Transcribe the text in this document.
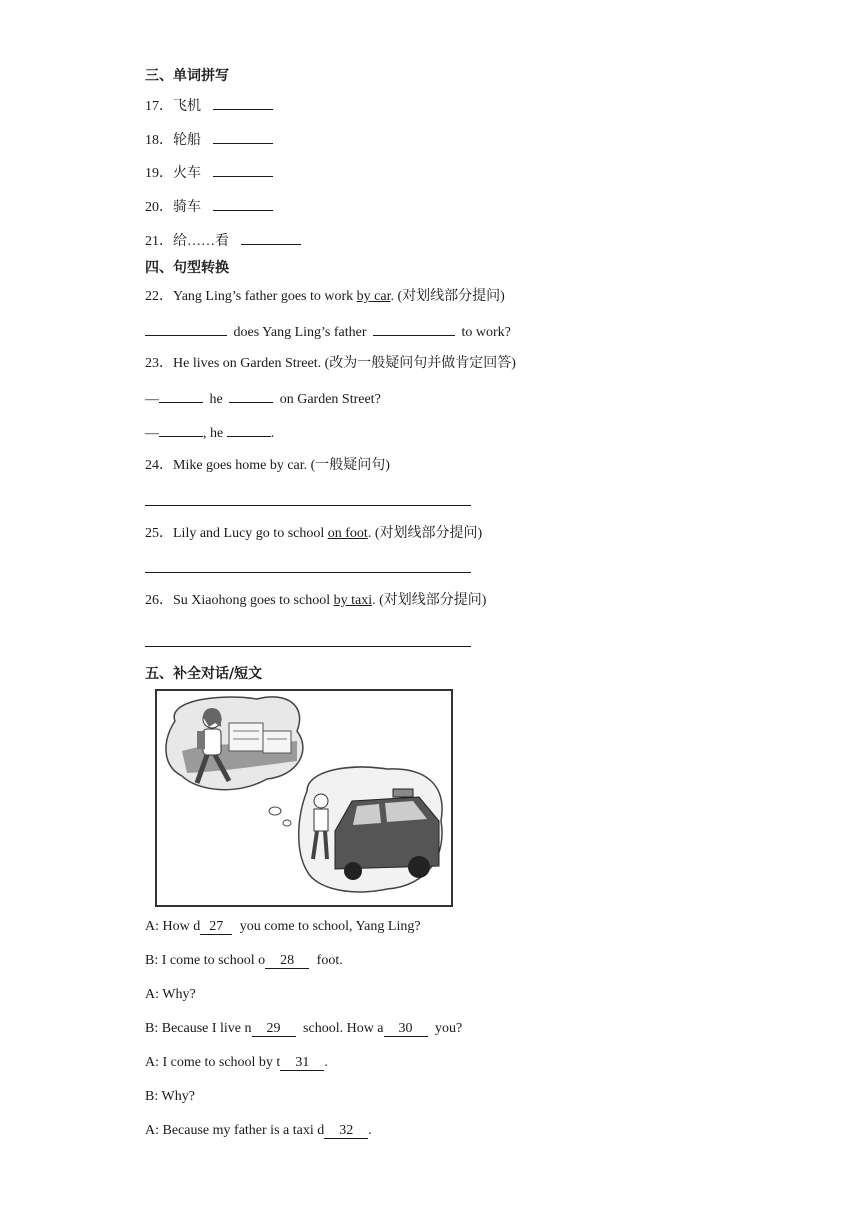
三、单词拼写
17．飞机
18．轮船
19．火车
20．骑车
21．给……看
四、句型转换
22．Yang Ling’s father goes to work by car. (对划线部分提问)
does Yang Ling’s father	to work?
23．He lives on Garden Street. (改为一般疑问句并做肯定回答)
—	he	on Garden Street?
—	, he	.
24．Mike goes home by car. (一般疑问句)
25．Lily and Lucy go to school on foot. (对划线部分提问)
26．Su Xiaohong goes to school by taxi. (对划线部分提问)
五、补全对话/短文
A: How d 27 you come to school, Yang Ling?
B: I come to school o 28 foot.
A: Why?
B: Because I live n 29 school. How a 30 you?
A: I come to school by t 31 .
B: Why?
A: Because my father is a taxi d 32 .
